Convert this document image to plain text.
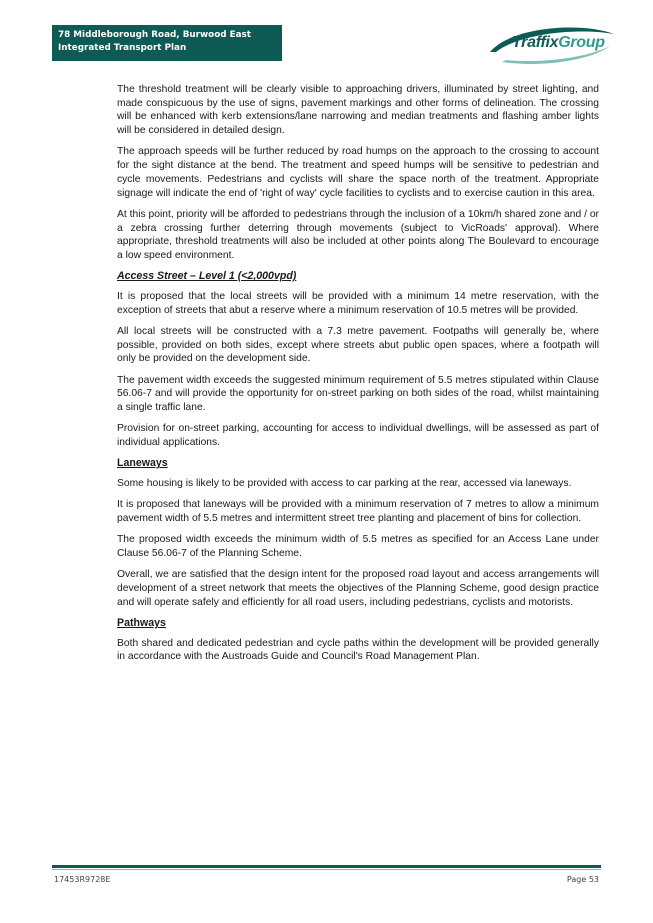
78 Middleborough Road, Burwood East
Integrated Transport Plan	TraffixGroup

The threshold treatment will be clearly visible to approaching drivers, illuminated by street lighting, and made conspicuous by the use of signs, pavement markings and other forms of delineation. The crossing will be enhanced with kerb extensions/lane narrowing and median treatments and flashing amber lights will be considered in detailed design.

The approach speeds will be further reduced by road humps on the approach to the crossing to account for the sight distance at the bend. The treatment and speed humps will be sensitive to pedestrian and cycle movements. Pedestrians and cyclists will share the space north of the treatment. Appropriate signage will indicate the end of 'right of way' cycle facilities to cyclists and to exercise caution in this area.

At this point, priority will be afforded to pedestrians through the inclusion of a 10km/h shared zone and / or a zebra crossing further deterring through movements (subject to VicRoads' approval). Where appropriate, threshold treatments will also be included at other points along The Boulevard to encourage a low speed environment.

Access Street – Level 1 (<2,000vpd)

It is proposed that the local streets will be provided with a minimum 14 metre reservation, with the exception of streets that abut a reserve where a minimum reservation of 10.5 metres will be provided.

All local streets will be constructed with a 7.3 metre pavement. Footpaths will generally be, where possible, provided on both sides, except where streets abut public open spaces, where a footpath will only be provided on the development side.

The pavement width exceeds the suggested minimum requirement of 5.5 metres stipulated within Clause 56.06-7 and will provide the opportunity for on-street parking on both sides of the road, whilst maintaining a single traffic lane.

Provision for on-street parking, accounting for access to individual dwellings, will be assessed as part of individual applications.

Laneways

Some housing is likely to be provided with access to car parking at the rear, accessed via laneways.

It is proposed that laneways will be provided with a minimum reservation of 7 metres to allow a minimum pavement width of 5.5 metres and intermittent street tree planting and placement of bins for collection.

The proposed width exceeds the minimum width of 5.5 metres as specified for an Access Lane under Clause 56.06-7 of the Planning Scheme.

Overall, we are satisfied that the design intent for the proposed road layout and access arrangements will development of a street network that meets the objectives of the Planning Scheme, good design practice and will operate safely and efficiently for all road users, including pedestrians, cyclists and motorists.

Pathways

Both shared and dedicated pedestrian and cycle paths within the development will be provided generally in accordance with the Austroads Guide and Council's Road Management Plan.

17453R9728E	Page 53
